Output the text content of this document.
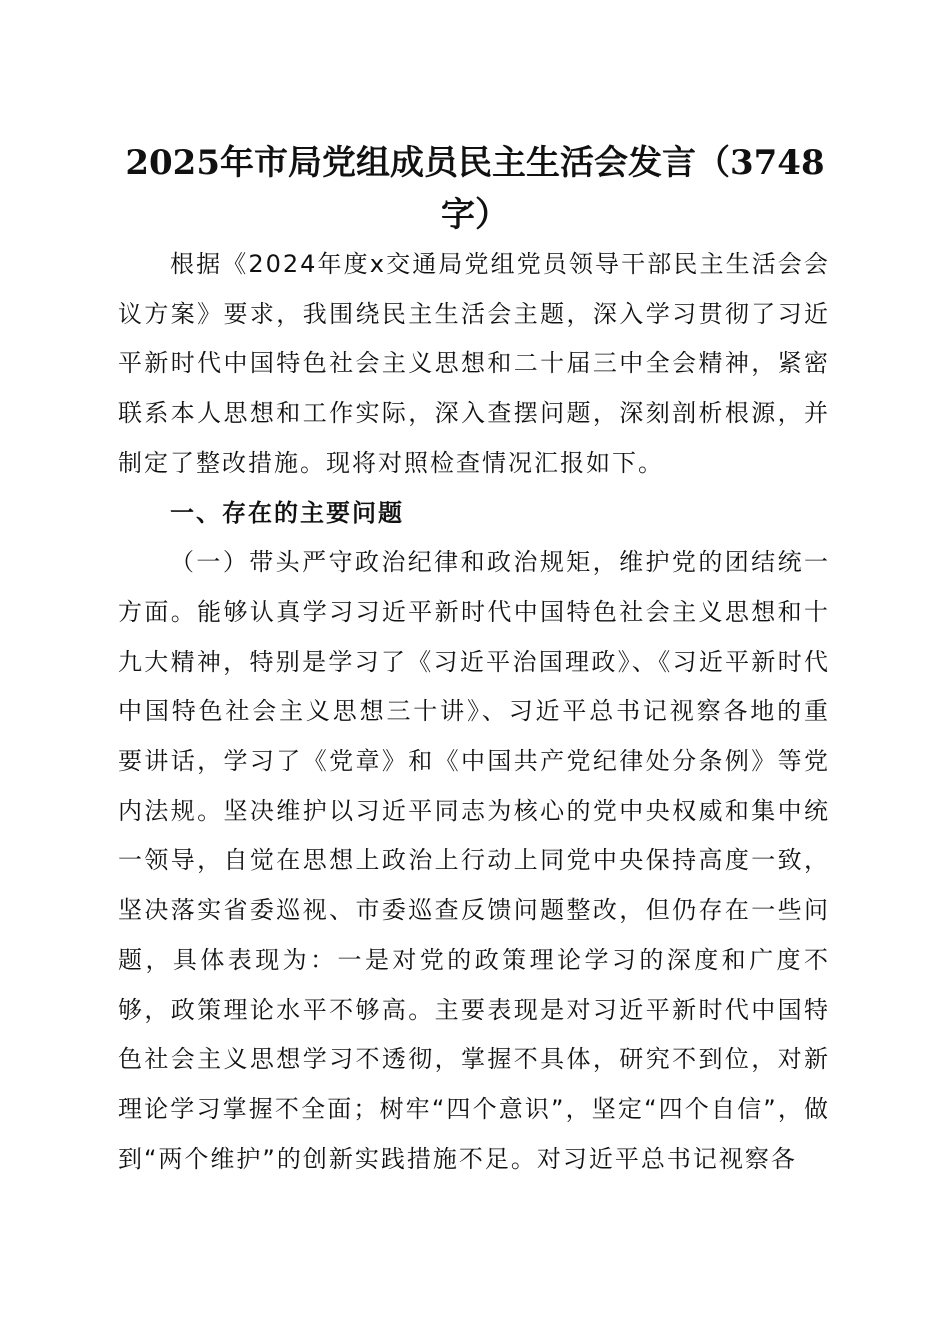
2025年市局党组成员民主生活会发言（3748字）

根据《2024年度x交通局党组党员领导干部民主生活会会议方案》要求，我围绕民主生活会主题，深入学习贯彻了习近平新时代中国特色社会主义思想和二十届三中全会精神，紧密联系本人思想和工作实际，深入查摆问题，深刻剖析根源，并制定了整改措施。现将对照检查情况汇报如下。

一、存在的主要问题

（一）带头严守政治纪律和政治规矩，维护党的团结统一方面。能够认真学习习近平新时代中国特色社会主义思想和十九大精神，特别是学习了《习近平治国理政》、《习近平新时代中国特色社会主义思想三十讲》、习近平总书记视察各地的重要讲话，学习了《党章》和《中国共产党纪律处分条例》等党内法规。坚决维护以习近平同志为核心的党中央权威和集中统一领导，自觉在思想上政治上行动上同党中央保持高度一致，坚决落实省委巡视、市委巡查反馈问题整改，但仍存在一些问题，具体表现为：一是对党的政策理论学习的深度和广度不够，政策理论水平不够高。主要表现是对习近平新时代中国特色社会主义思想学习不透彻，掌握不具体，研究不到位，对新理论学习掌握不全面；树牢“四个意识”，坚定“四个自信”，做到“两个维护”的创新实践措施不足。对习近平总书记视察各
